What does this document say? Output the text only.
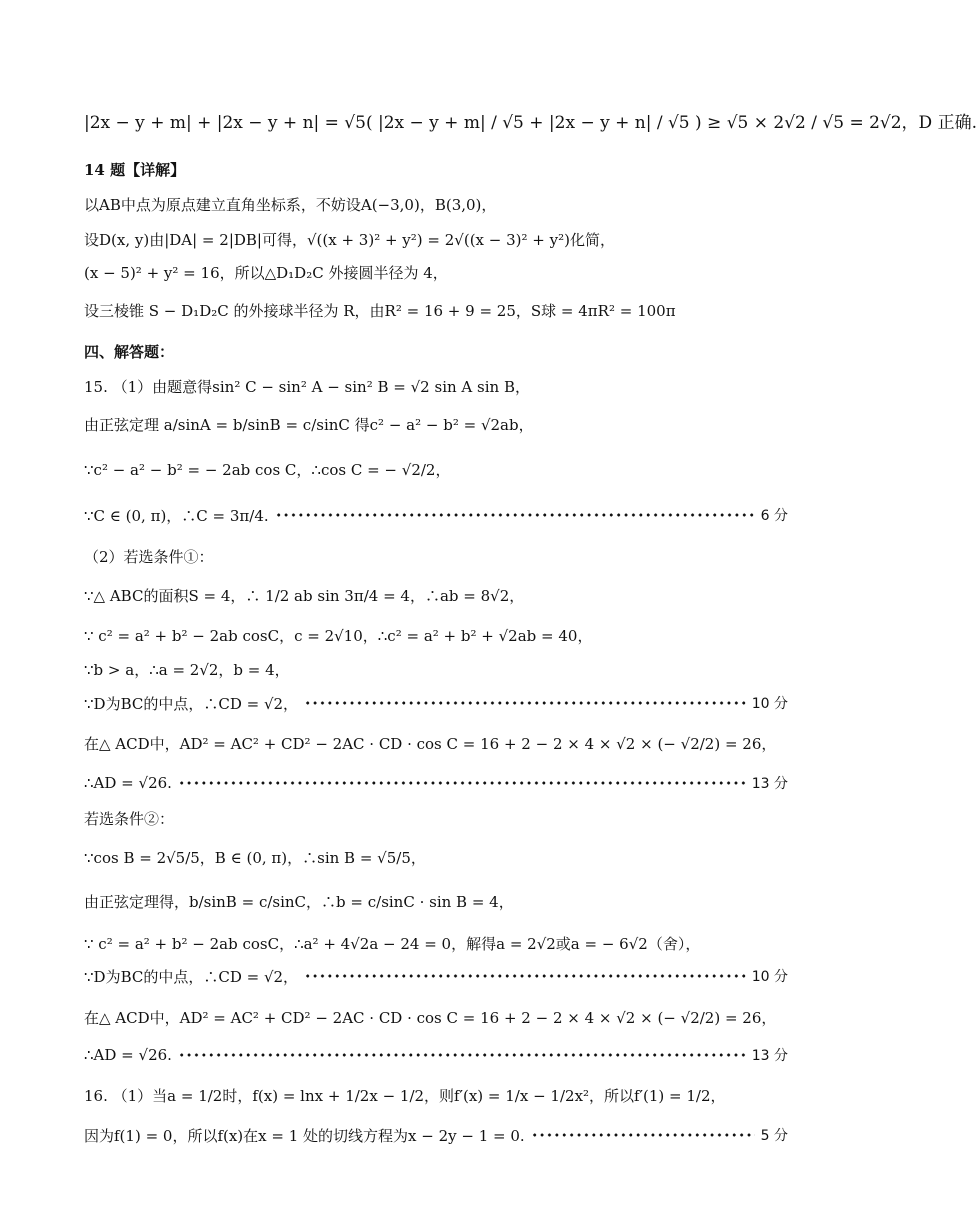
|2x − y + m| + |2x − y + n| = √5( |2x − y + m| / √5 + |2x − y + n| / √5 ) ≥ √5 × 2√2 / √5 = 2√2，D 正确.
14 题【详解】
以AB中点为原点建立直角坐标系，不妨设A(−3,0)，B(3,0)，
设D(x, y)由|DA| = 2|DB|可得，√((x + 3)² + y²) = 2√((x − 3)² + y²)化简，
(x − 5)² + y² = 16，所以△D₁D₂C 外接圆半径为 4，
设三棱锥 S − D₁D₂C 的外接球半径为 R，由R² = 16 + 9 = 25，S球 = 4πR² = 100π
四、解答题：
15. （1）由题意得sin² C − sin² A − sin² B = √2 sin A sin B，
由正弦定理 a/sinA = b/sinB = c/sinC 得c² − a² − b² = √2ab，
∵c² − a² − b² = − 2ab cos C，∴cos C = − √2/2，
∵C ∈ (0, π)，∴C = 3π/4.	6 分
（2）若选条件①：
∵△ ABC的面积S = 4，∴ 1/2 ab sin 3π/4 = 4，∴ab = 8√2，
∵ c² = a² + b² − 2ab cosC，c = 2√10，∴c² = a² + b² + √2ab = 40，
∵b > a，∴a = 2√2，b = 4，
∵D为BC的中点，∴CD = √2，	10 分
在△ ACD中，AD² = AC² + CD² − 2AC · CD · cos C = 16 + 2 − 2 × 4 × √2 × (− √2/2) = 26，
∴AD = √26.	13 分
若选条件②：
∵cos B = 2√5/5，B ∈ (0, π)，∴sin B = √5/5，
由正弦定理得，b/sinB = c/sinC，∴b = c/sinC · sin B = 4，
∵ c² = a² + b² − 2ab cosC，∴a² + 4√2a − 24 = 0，解得a = 2√2或a = − 6√2（舍），
∵D为BC的中点，∴CD = √2，	10 分
在△ ACD中，AD² = AC² + CD² − 2AC · CD · cos C = 16 + 2 − 2 × 4 × √2 × (− √2/2) = 26，
∴AD = √26.	13 分
16. （1）当a = 1/2时，f(x) = lnx + 1/2x − 1/2，则f′(x) = 1/x − 1/2x²，所以f′(1) = 1/2，
因为f(1) = 0，所以f(x)在x = 1 处的切线方程为x − 2y − 1 = 0.	5 分
